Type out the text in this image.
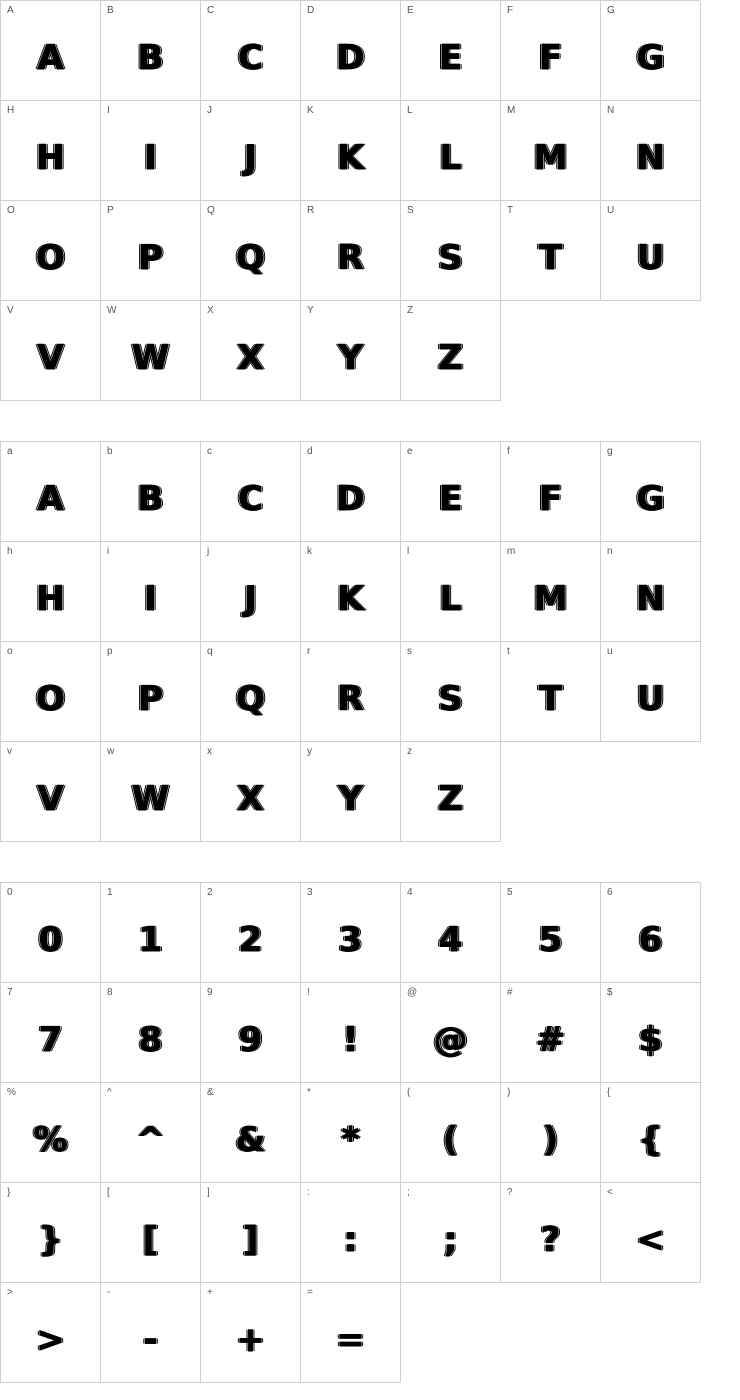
A
A
B
B
C
C
D
D
E
E
F
F
G
G
H
H
I
I
J
J
K
K
L
L
M
M
N
N
O
O
P
P
Q
Q
R
R
S
S
T
T
U
U
V
V
W
W
X
X
Y
Y
Z
Z
a
A
b
B
c
C
d
D
e
E
f
F
g
G
h
H
i
I
j
J
k
K
l
L
m
M
n
N
o
O
p
P
q
Q
r
R
s
S
t
T
u
U
v
V
w
W
x
X
y
Y
z
Z
0
0
1
1
2
2
3
3
4
4
5
5
6
6
7
7
8
8
9
9
!
!
@
@
#
#
$
$
%
%
^
^
&
&
*
*
(
(
)
)
{
{
}
}
[
[
]
]
:
:
;
;
?
?
<
<
>
>
-
-
+
+
=
=
